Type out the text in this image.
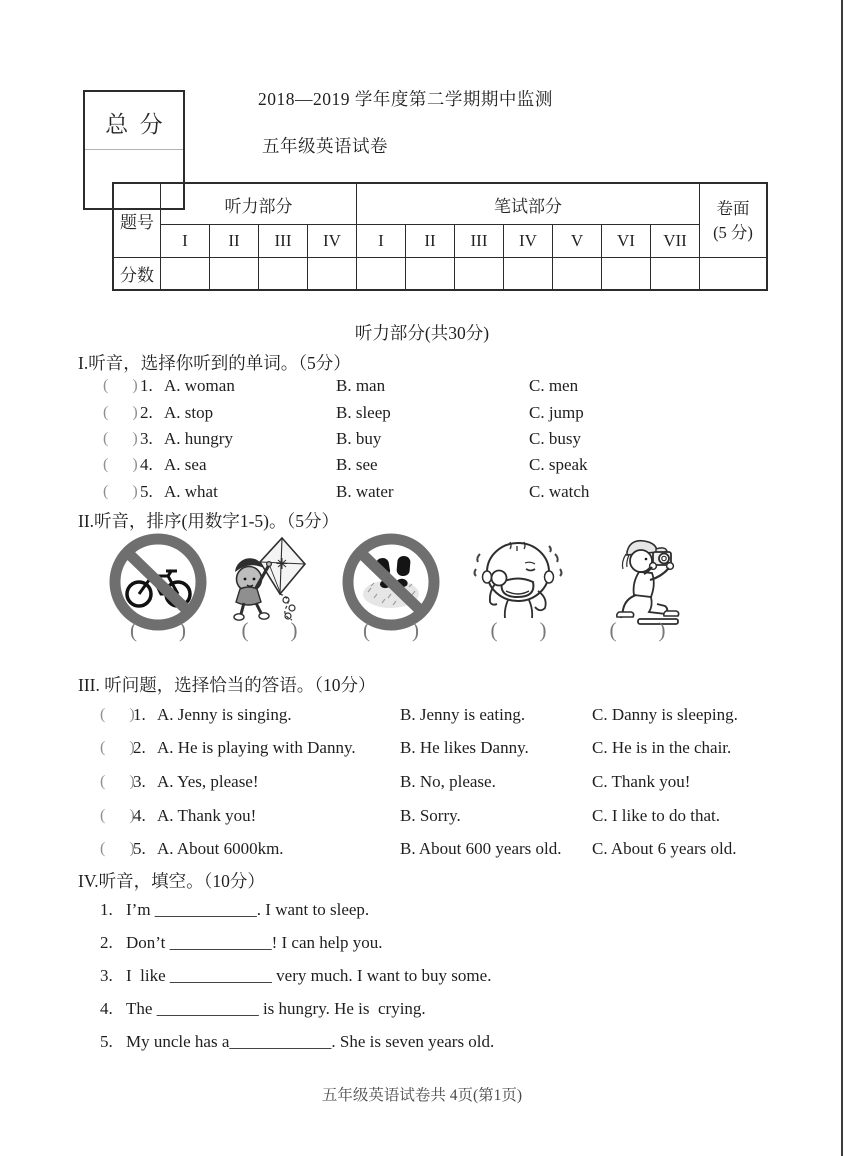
题号	听力部分				笔试部分							卷面
(5 分)
	I	II	III	IV	I	II	III	IV	V	VI	VII	
分数												
总  分
2018—2019 学年度第二学期期中监测
五年级英语试卷
听力部分(共30分)
I.听音，选择你听到的单词。（5分）
(      ) 1. A. woman	B. man	C. men
(      ) 2. A. stop	B. sleep	C. jump
(      ) 3. A. hungry	B. buy	C. busy
(      ) 4. A. sea	B. see	C. speak
(      ) 5. A. what	B. water	C. watch
II.听音，排序(用数字1-5)。（5分）
(        )	(        )	(        )	(        )	(        )
III. 听问题，选择恰当的答语。（10分）
(      )
1. A. Jenny is singing.	B. Jenny is eating.	C. Danny is sleeping.
(      )
2. A. He is playing with Danny.	B. He likes Danny.	C. He is in the chair.
(      )
3. A. Yes, please!	B. No, please.	C. Thank you!
(      )
4. A. Thank you!	B. Sorry.	C. I like to do that.
(      )
5. A. About 6000km.	B. About 600 years old.	C. About 6 years old.
IV.听音，填空。（10分）
1. I’m ____________ . I want to sleep.
2. Don’t ____________ ! I can help you.
3. I  like ____________ very much. I want to buy some.
4. The ____________ is hungry. He is  crying.
5. My uncle has a ____________ . She is seven years old.
五年级英语试卷共 4页(第1页)
